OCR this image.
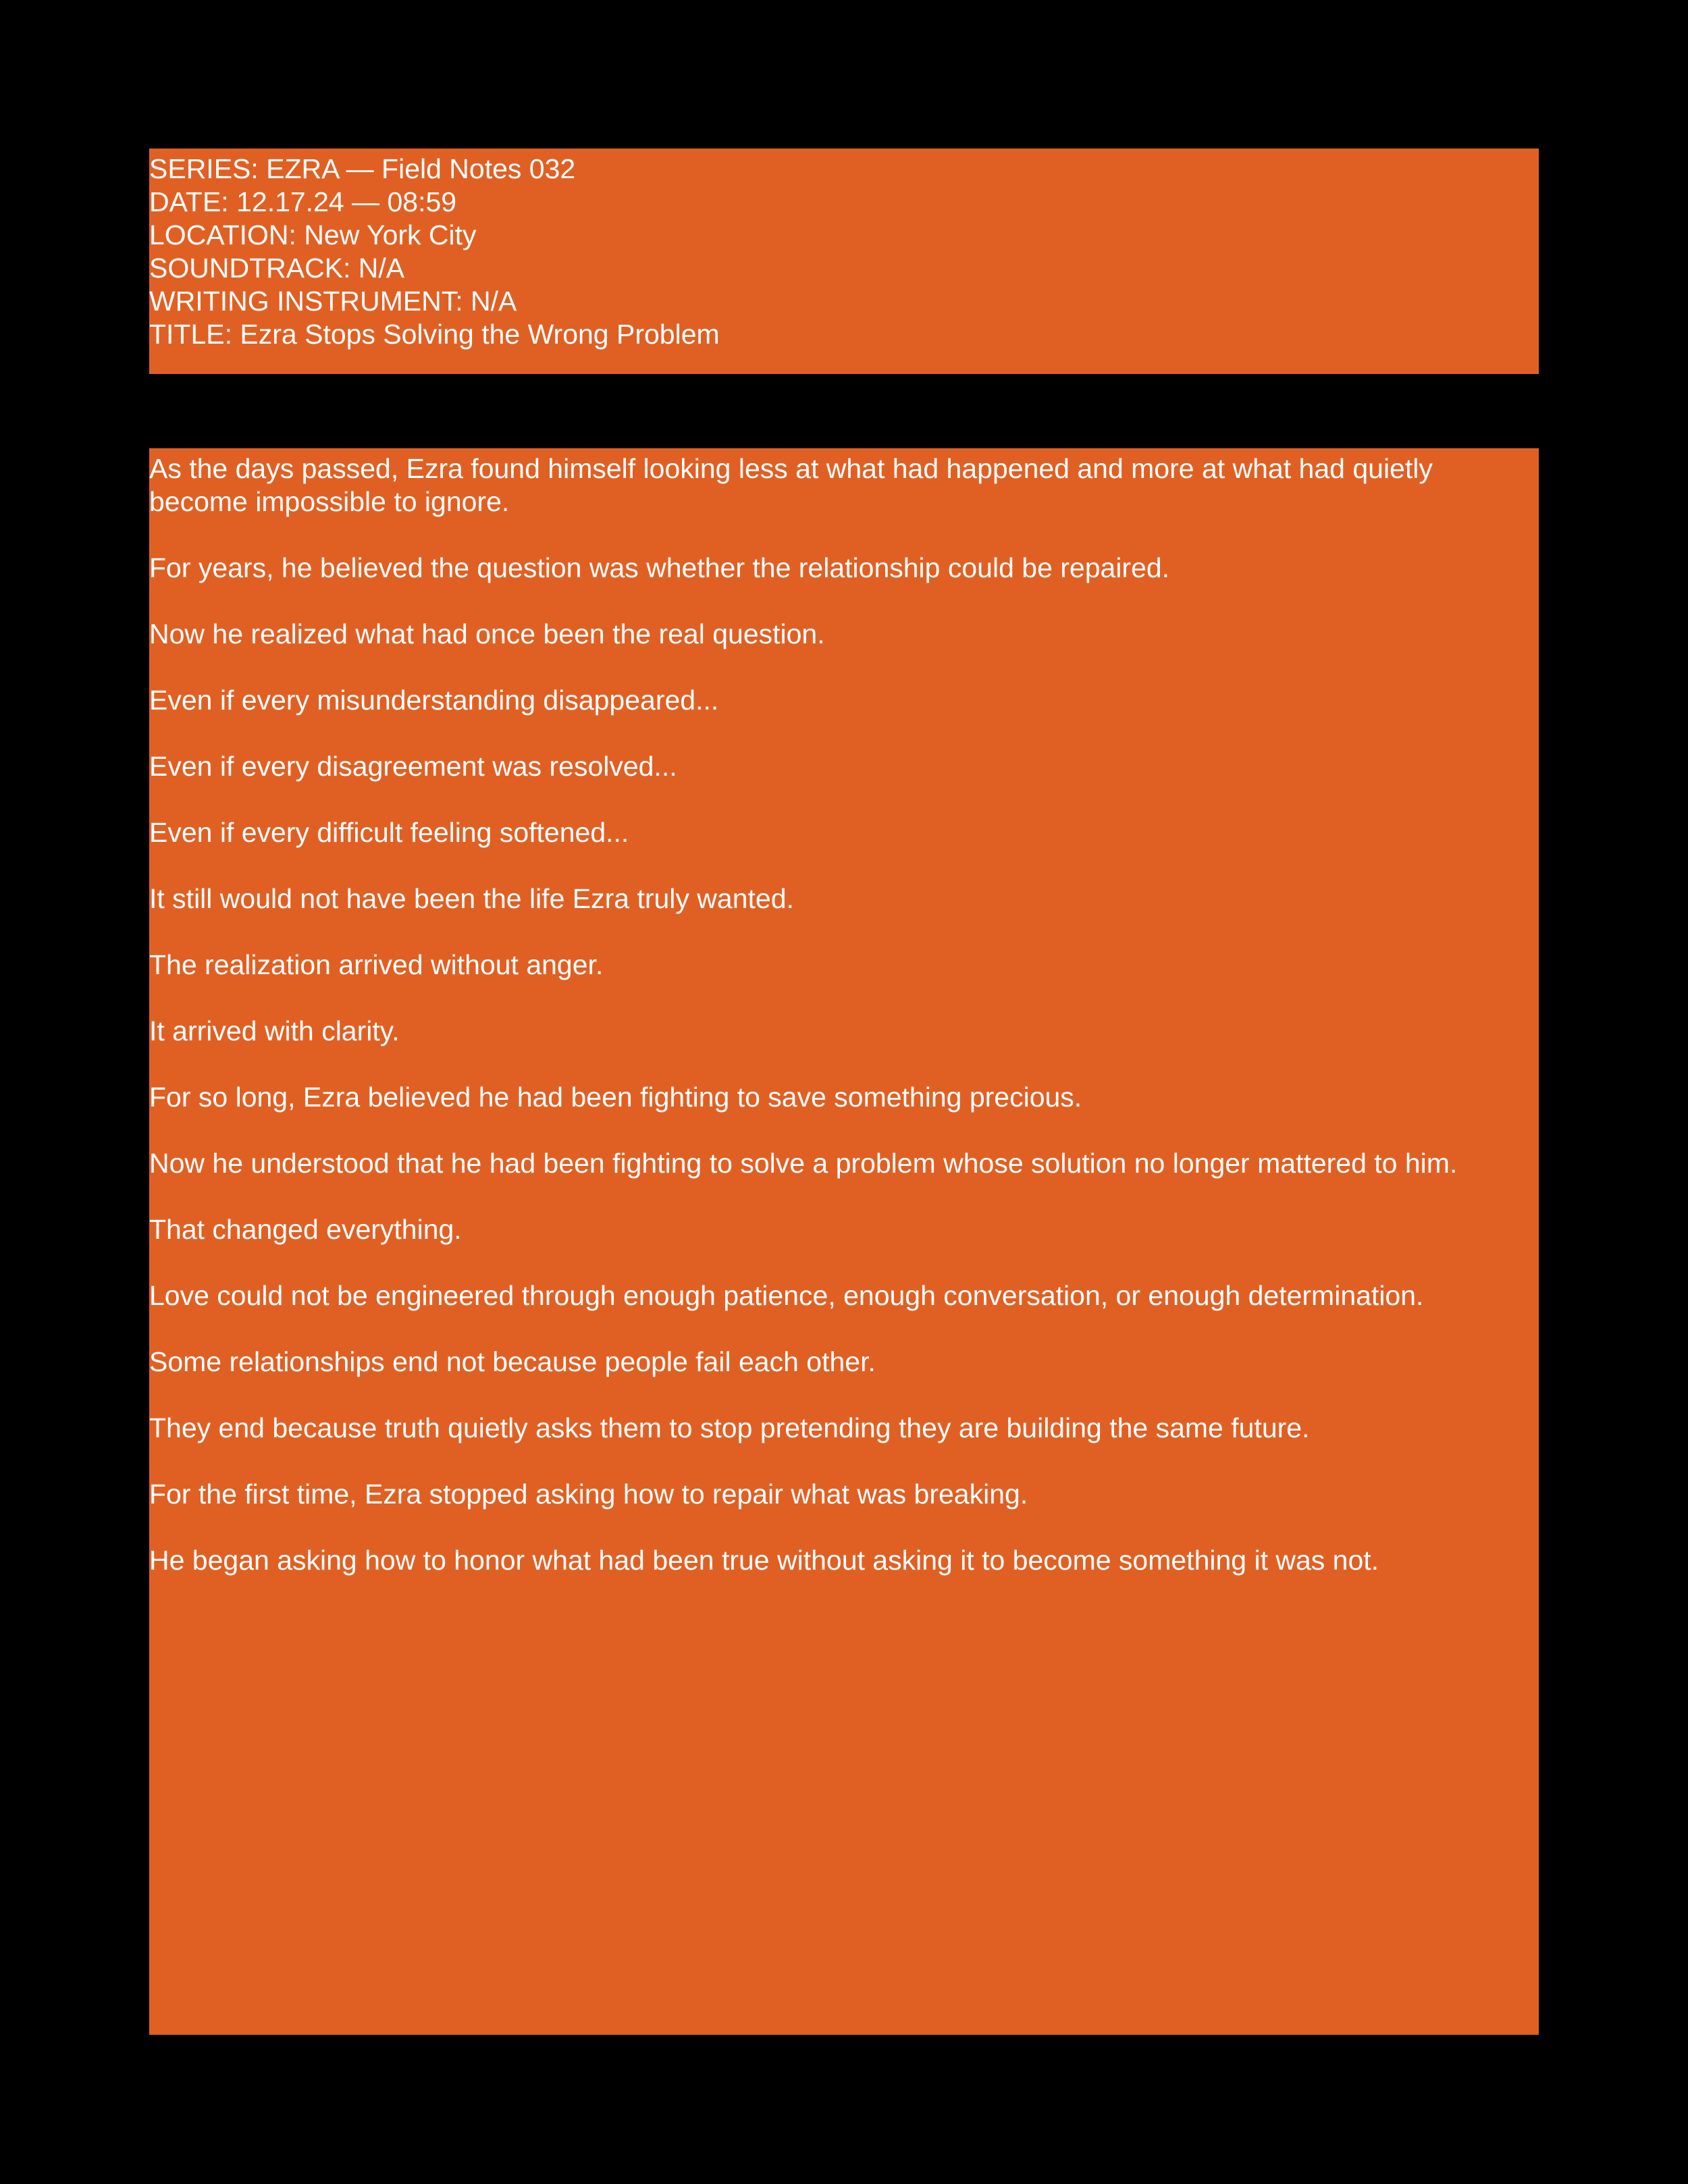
SERIES: EZRA — Field Notes 032

DATE: 12.17.24 — 08:59

LOCATION: New York City

SOUNDTRACK: N/A

WRITING INSTRUMENT: N/A

TITLE: Ezra Stops Solving the Wrong Problem

As the days passed, Ezra found himself looking less at what had happened and more at what had quietly become impossible to ignore.

For years, he believed the question was whether the relationship could be repaired.

Now he realized what had once been the real question.

Even if every misunderstanding disappeared...

Even if every disagreement was resolved...

Even if every difficult feeling softened...

It still would not have been the life Ezra truly wanted.

The realization arrived without anger.

It arrived with clarity.

For so long, Ezra believed he had been fighting to save something precious.

Now he understood that he had been fighting to solve a problem whose solution no longer mattered to him.

That changed everything.

Love could not be engineered through enough patience, enough conversation, or enough determination.

Some relationships end not because people fail each other.

They end because truth quietly asks them to stop pretending they are building the same future.

For the first time, Ezra stopped asking how to repair what was breaking.

He began asking how to honor what had been true without asking it to become something it was not.
